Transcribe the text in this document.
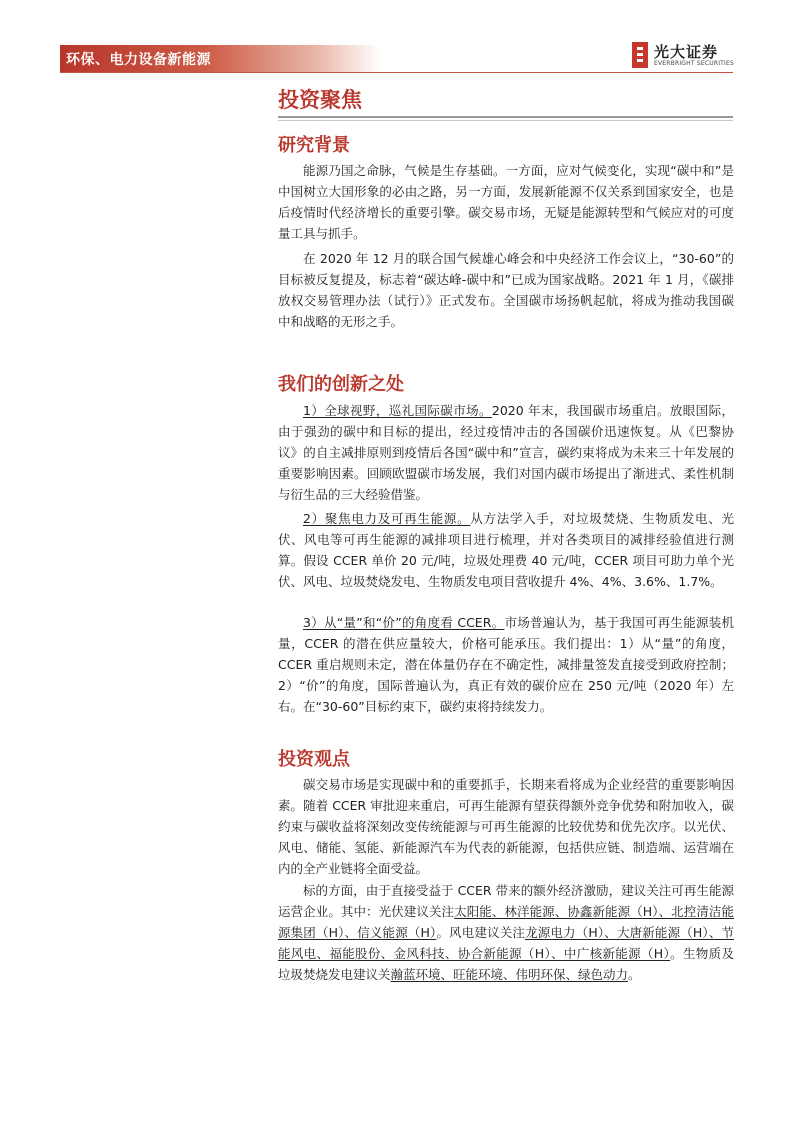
环保、电力设备新能源	光大证券
EVERBRIGHT SECURITIES
投资聚焦
研究背景

能源乃国之命脉，气候是生存基础。一方面，应对气候变化，实现“碳中和”是中国树立大国形象的必由之路，另一方面，发展新能源不仅关系到国家安全，也是后疫情时代经济增长的重要引擎。碳交易市场，无疑是能源转型和气候应对的可度量工具与抓手。

在 2020 年 12 月的联合国气候雄心峰会和中央经济工作会议上，“30-60”的目标被反复提及，标志着“碳达峰-碳中和”已成为国家战略。2021 年 1 月，《碳排放权交易管理办法（试行）》正式发布。全国碳市场扬帆起航，将成为推动我国碳中和战略的无形之手。

我们的创新之处

1）全球视野，巡礼国际碳市场。2020 年末，我国碳市场重启。放眼国际，由于强劲的碳中和目标的提出，经过疫情冲击的各国碳价迅速恢复。从《巴黎协议》的自主减排原则到疫情后各国“碳中和”宣言，碳约束将成为未来三十年发展的重要影响因素。回顾欧盟碳市场发展，我们对国内碳市场提出了渐进式、柔性机制与衍生品的三大经验借鉴。

2）聚焦电力及可再生能源。从方法学入手，对垃圾焚烧、生物质发电、光伏、风电等可再生能源的减排项目进行梳理，并对各类项目的减排经验值进行测算。假设 CCER 单价 20 元/吨，垃圾处理费 40 元/吨，CCER 项目可助力单个光伏、风电、垃圾焚烧发电、生物质发电项目营收提升 4%、4%、3.6%、1.7%。

3）从“量”和“价”的角度看 CCER。市场普遍认为，基于我国可再生能源装机量，CCER 的潜在供应量较大，价格可能承压。我们提出：1）从“量”的角度，CCER 重启规则未定，潜在体量仍存在不确定性，减排量签发直接受到政府控制；2）“价”的角度，国际普遍认为，真正有效的碳价应在 250 元/吨（2020 年）左右。在“30-60”目标约束下，碳约束将持续发力。

投资观点

碳交易市场是实现碳中和的重要抓手，长期来看将成为企业经营的重要影响因素。随着 CCER 审批迎来重启，可再生能源有望获得额外竞争优势和附加收入，碳约束与碳收益将深刻改变传统能源与可再生能源的比较优势和优先次序。以光伏、风电、储能、氢能、新能源汽车为代表的新能源，包括供应链、制造端、运营端在内的全产业链将全面受益。

标的方面，由于直接受益于 CCER 带来的额外经济激励，建议关注可再生能源运营企业。其中：光伏建议关注太阳能、林洋能源、协鑫新能源（H）、北控清洁能源集团（H）、信义能源（H）。风电建议关注龙源电力（H）、大唐新能源（H）、节能风电、福能股份、金风科技、协合新能源（H）、中广核新能源（H）。生物质及垃圾焚烧发电建议关瀚蓝环境、旺能环境、伟明环保、绿色动力。
